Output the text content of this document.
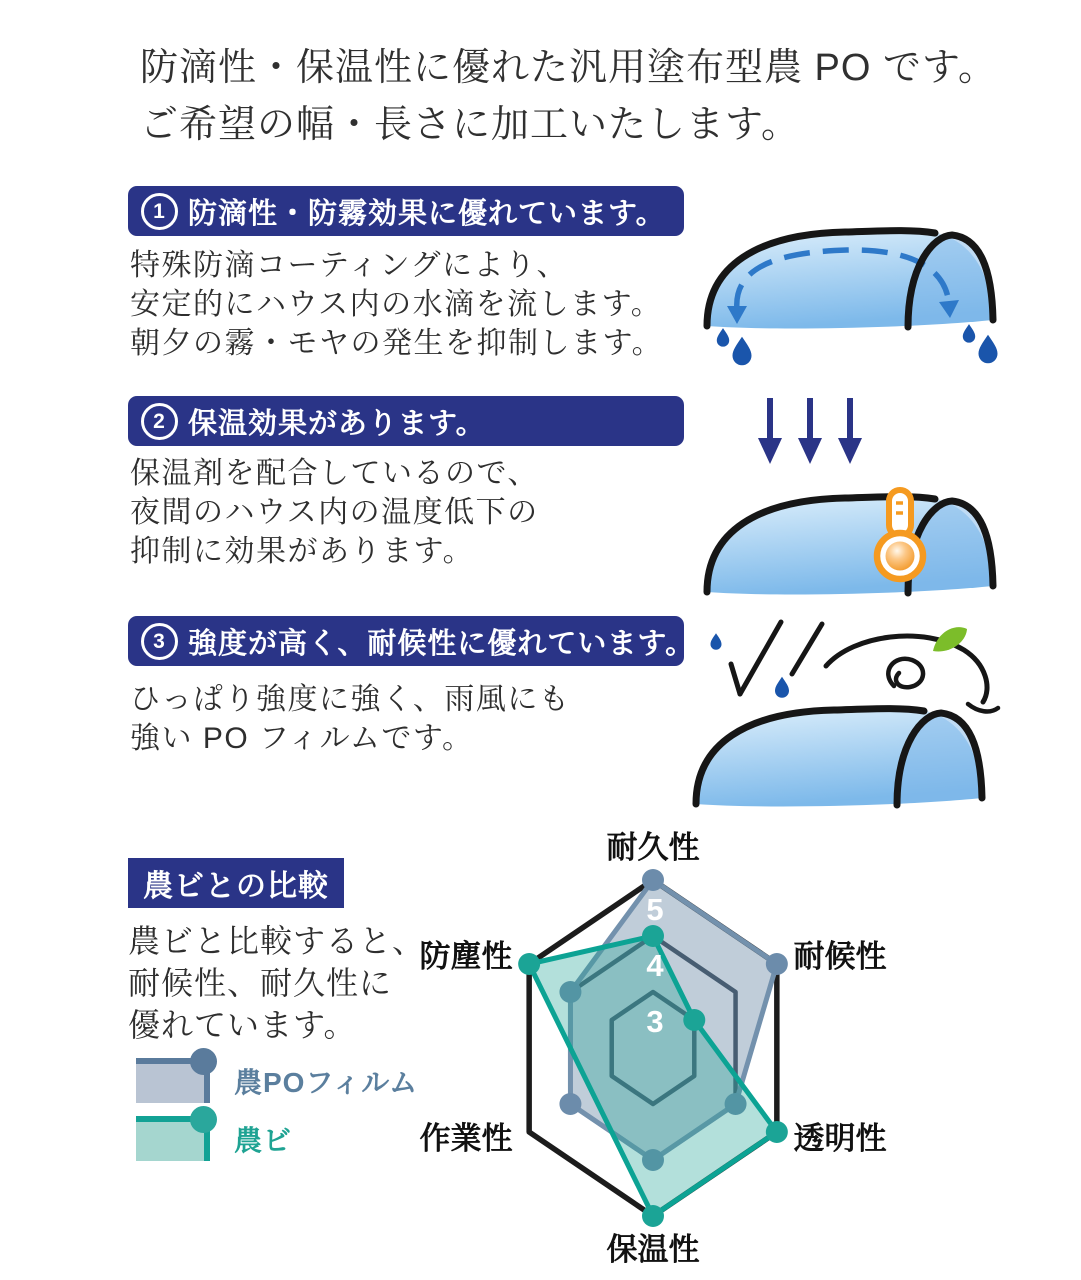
防滴性・保温性に優れた汎用塗布型農 PO です。
ご希望の幅・長さに加工いたします。
1 防滴性・防霧効果に優れています。
特殊防滴コーティングにより、
安定的にハウス内の水滴を流します。
朝夕の霧・モヤの発生を抑制します。
2 保温効果があります。
保温剤を配合しているので、
夜間のハウス内の温度低下の
抑制に効果があります。
3 強度が高く、耐候性に優れています。
ひっぱり強度に強く、雨風にも
強い PO フィルムです。
農ビとの比較
農ビと比較すると、
耐候性、耐久性に
優れています。
農POフィルム
農ビ
3
4
5
耐久性
耐候性
透明性
保温性
作業性
防塵性
